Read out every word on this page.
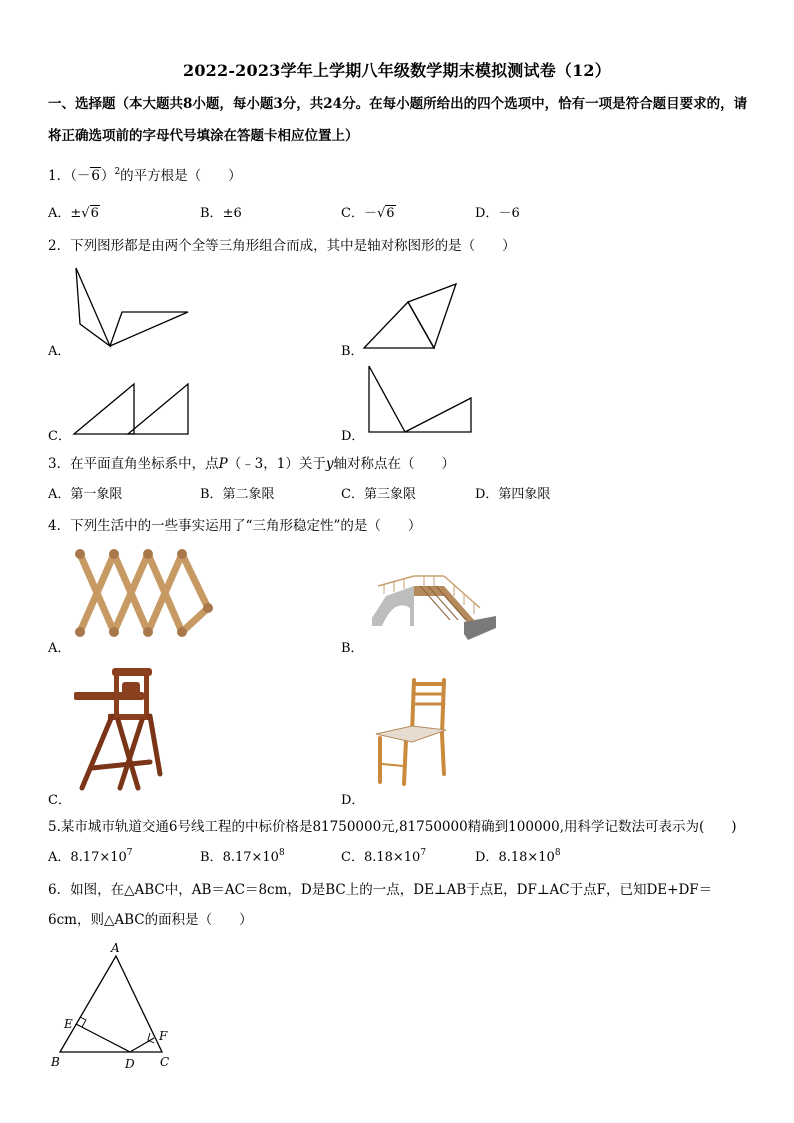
2022-2023学年上学期八年级数学期末模拟测试卷（12）
一、选择题（本大题共8小题，每小题3分，共24分。在每小题所给出的四个选项中，恰有一项是符合题目要求的，请将正确选项前的字母代号填涂在答题卡相应位置上）
1．$(-6)^2$的平方根是（　　）
A．±√6	B．±6	C．－√6	D．－6
2．下列图形都是由两个全等三角形组合而成，其中是轴对称图形的是（　　）
A．	B．
C．	D．
3．在平面直角坐标系中，点P（﹣3，1）关于y轴对称点在（　　）
A．第一象限	B．第二象限	C．第三象限	D．第四象限
4．下列生活中的一些事实运用了“三角形稳定性”的是（　　）
A．	B．
C．	D．
5.某市城市轨道交通6号线工程的中标价格是81750000元,81750000精确到100000,用科学记数法可表示为(　　)
A．$8.17\times 10^7$	B．$8.17\times 10^8$	C．$8.18\times 10^7$	D．$8.18\times 10^8$
6．如图，在△ABC中，AB＝AC＝8cm，D是BC上的一点，DE⊥AB于点E，DF⊥AC于点F，已知DE+DF＝
6cm，则△ABC的面积是（　　）
A
B	C
D
E
F
